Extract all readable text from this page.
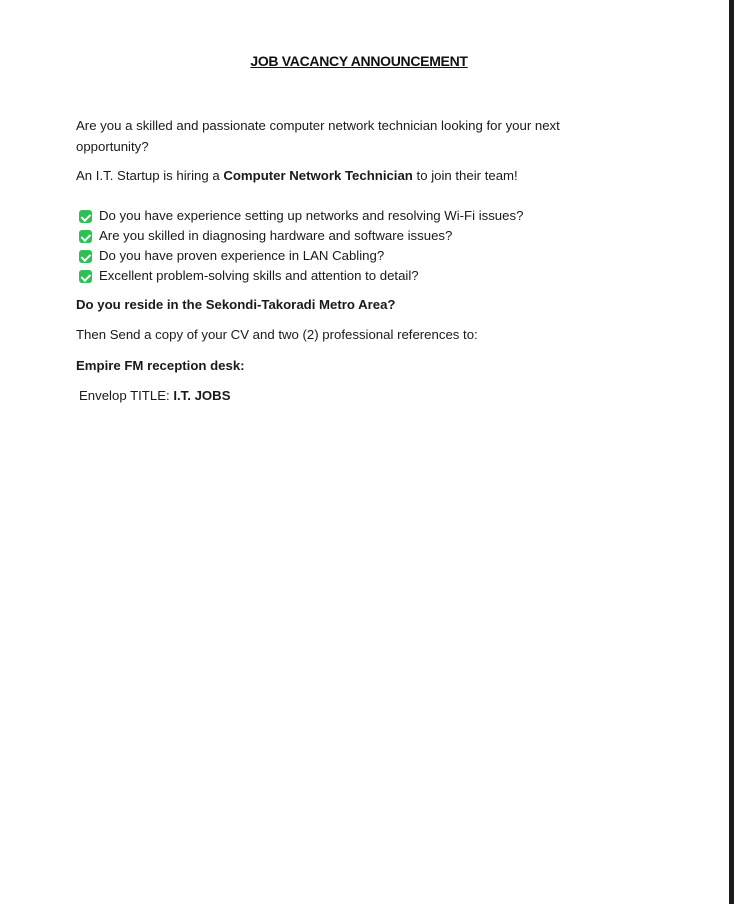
JOB VACANCY ANNOUNCEMENT

Are you a skilled and passionate computer network technician looking for your next opportunity?

An I.T. Startup is hiring a Computer Network Technician to join their team!

Do you have experience setting up networks and resolving Wi-Fi issues?
Are you skilled in diagnosing hardware and software issues?
Do you have proven experience in LAN Cabling?
Excellent problem-solving skills and attention to detail?

Do you reside in the Sekondi-Takoradi Metro Area?

Then Send a copy of your CV and two (2) professional references to:

Empire FM reception desk:

Envelop TITLE: I.T. JOBS
